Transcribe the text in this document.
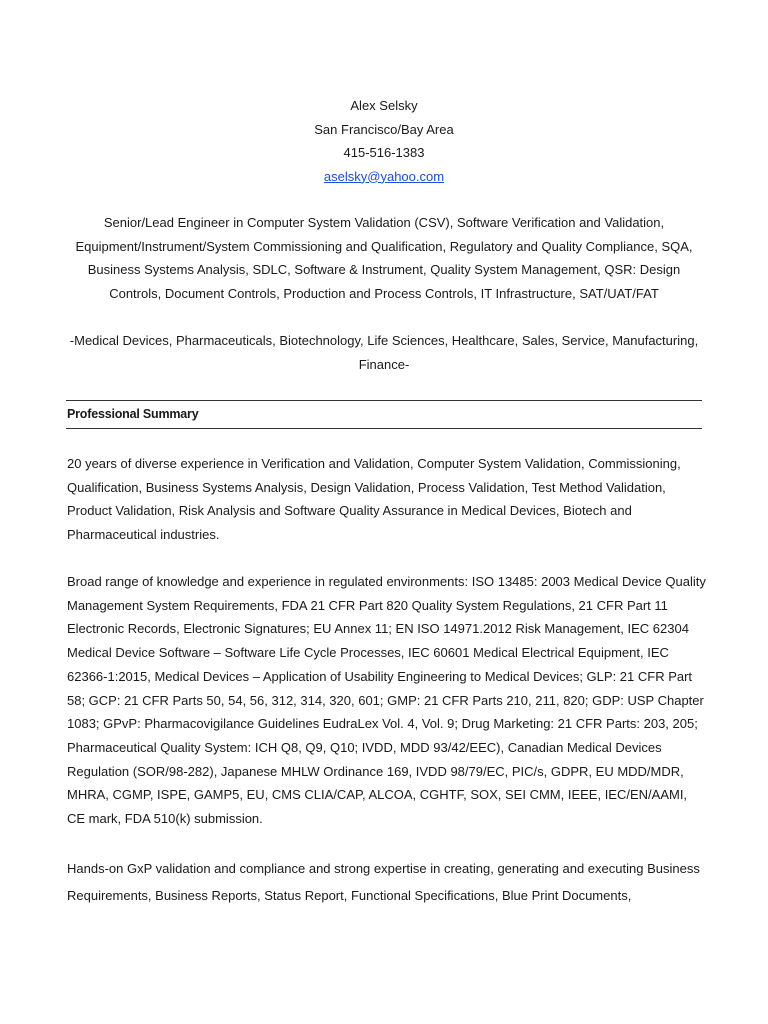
Alex Selsky
San Francisco/Bay Area
415-516-1383
aselsky@yahoo.com
Senior/Lead Engineer in Computer System Validation (CSV), Software Verification and Validation, Equipment/Instrument/System Commissioning and Qualification, Regulatory and Quality Compliance, SQA, Business Systems Analysis, SDLC, Software & Instrument, Quality System Management, QSR: Design Controls, Document Controls, Production and Process Controls, IT Infrastructure, SAT/UAT/FAT
-Medical Devices, Pharmaceuticals, Biotechnology, Life Sciences, Healthcare, Sales, Service, Manufacturing, Finance-
Professional Summary
20 years of diverse experience in Verification and Validation, Computer System Validation, Commissioning, Qualification, Business Systems Analysis, Design Validation, Process Validation, Test Method Validation, Product Validation, Risk Analysis and Software Quality Assurance in Medical Devices, Biotech and Pharmaceutical industries.
Broad range of knowledge and experience in regulated environments: ISO 13485: 2003 Medical Device Quality Management System Requirements, FDA 21 CFR Part 820 Quality System Regulations, 21 CFR Part 11 Electronic Records, Electronic Signatures; EU Annex 11; EN ISO 14971.2012 Risk Management, IEC 62304 Medical Device Software – Software Life Cycle Processes, IEC 60601 Medical Electrical Equipment, IEC 62366-1:2015, Medical Devices – Application of Usability Engineering to Medical Devices; GLP: 21 CFR Part 58; GCP: 21 CFR Parts 50, 54, 56, 312, 314, 320, 601; GMP: 21 CFR Parts 210, 211, 820; GDP: USP Chapter 1083; GPvP: Pharmacovigilance Guidelines EudraLex Vol. 4, Vol. 9; Drug Marketing: 21 CFR Parts: 203, 205; Pharmaceutical Quality System: ICH Q8, Q9, Q10; IVDD, MDD 93/42/EEC), Canadian Medical Devices Regulation (SOR/98-282), Japanese MHLW Ordinance 169, IVDD 98/79/EC, PIC/s, GDPR, EU MDD/MDR, MHRA, CGMP, ISPE, GAMP5, EU, CMS CLIA/CAP, ALCOA, CGHTF, SOX, SEI CMM, IEEE, IEC/EN/AAMI, CE mark, FDA 510(k) submission.
Hands-on GxP validation and compliance and strong expertise in creating, generating and executing Business Requirements, Business Reports, Status Report, Functional Specifications, Blue Print Documents,
